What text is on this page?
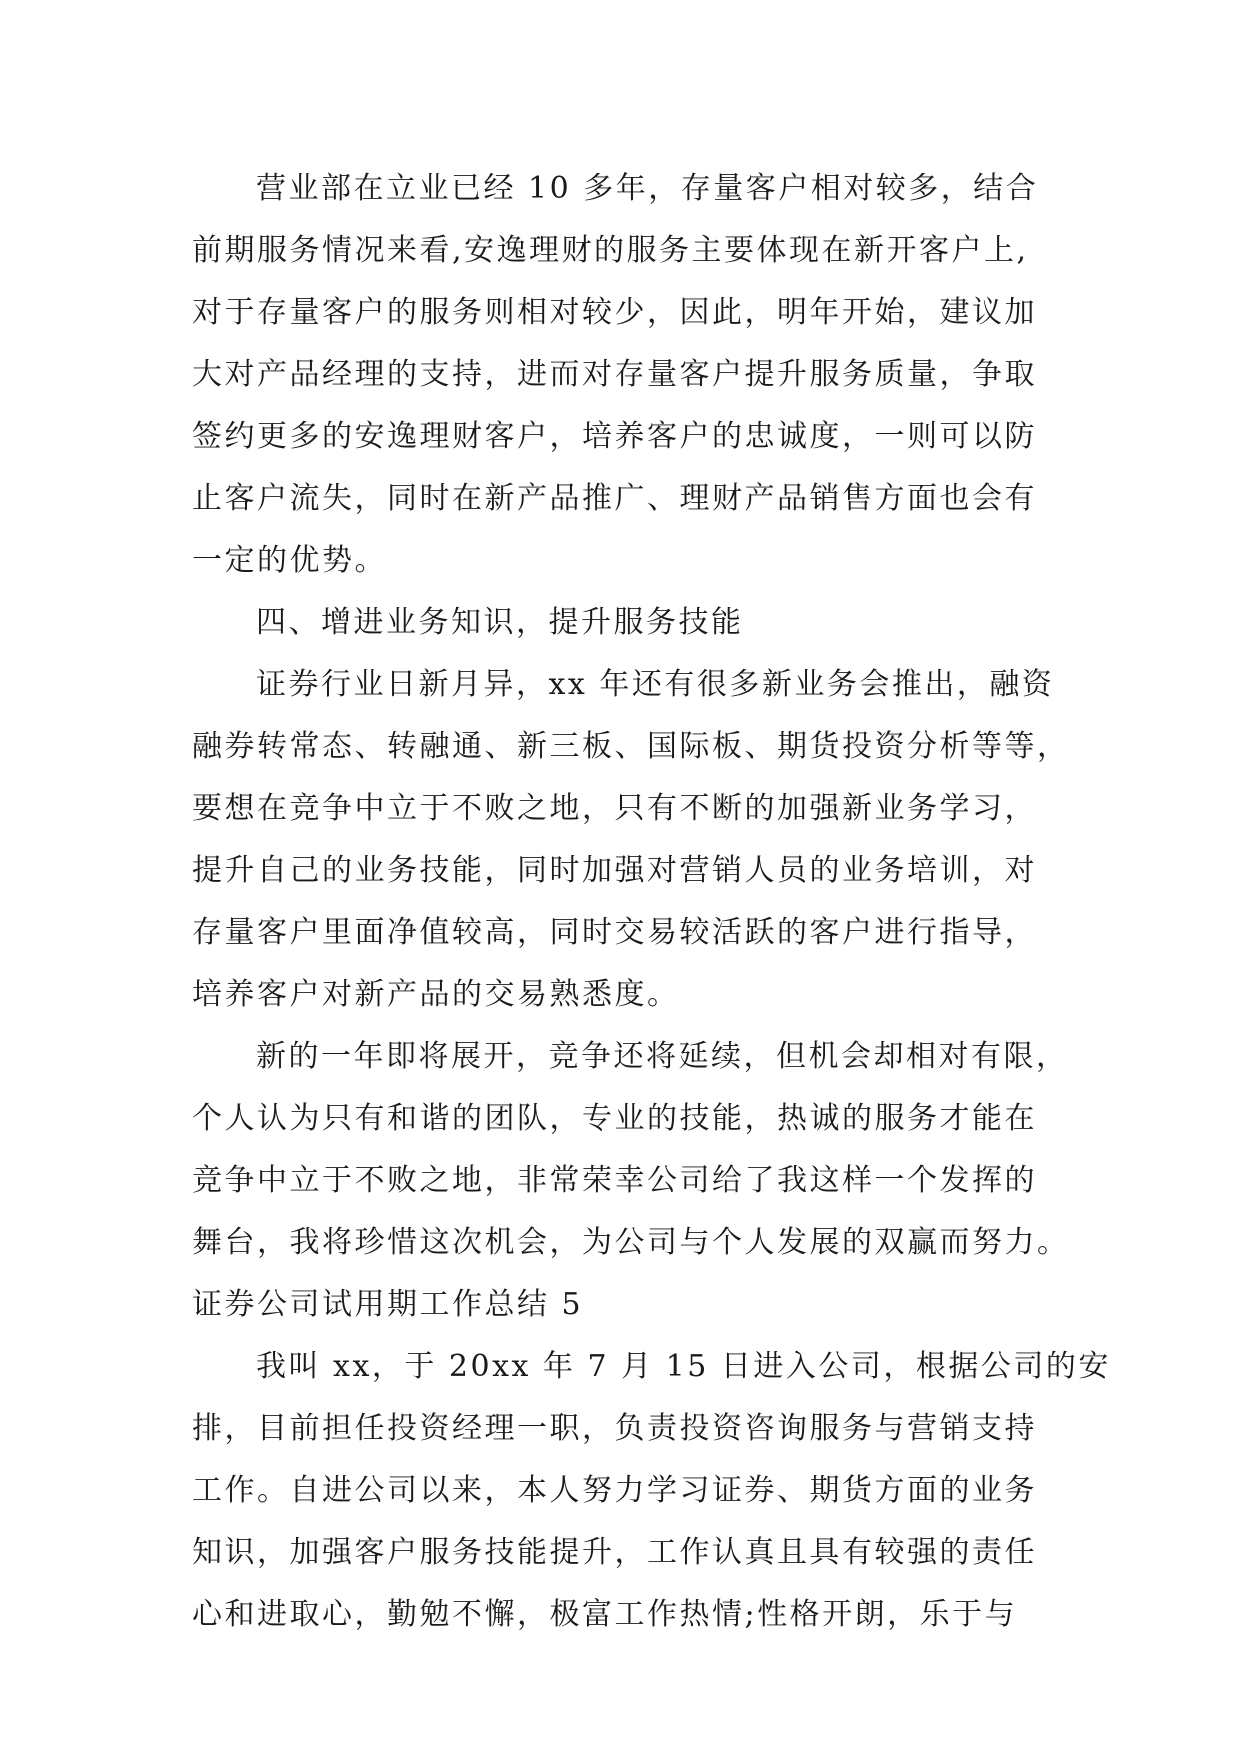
营业部在立业已经 10 多年，存量客户相对较多，结合
前期服务情况来看,安逸理财的服务主要体现在新开客户上,
对于存量客户的服务则相对较少，因此，明年开始，建议加
大对产品经理的支持，进而对存量客户提升服务质量，争取
签约更多的安逸理财客户，培养客户的忠诚度，一则可以防
止客户流失，同时在新产品推广、理财产品销售方面也会有
一定的优势。
四、增进业务知识，提升服务技能
证券行业日新月异，xx 年还有很多新业务会推出，融资
融券转常态、转融通、新三板、国际板、期货投资分析等等，
要想在竞争中立于不败之地，只有不断的加强新业务学习，
提升自己的业务技能，同时加强对营销人员的业务培训，对
存量客户里面净值较高，同时交易较活跃的客户进行指导，
培养客户对新产品的交易熟悉度。
新的一年即将展开，竞争还将延续，但机会却相对有限，
个人认为只有和谐的团队，专业的技能，热诚的服务才能在
竞争中立于不败之地，非常荣幸公司给了我这样一个发挥的
舞台，我将珍惜这次机会，为公司与个人发展的双赢而努力。
证券公司试用期工作总结 5
我叫 xx，于 20xx 年 7 月 15 日进入公司，根据公司的安
排，目前担任投资经理一职，负责投资咨询服务与营销支持
工作。自进公司以来，本人努力学习证券、期货方面的业务
知识，加强客户服务技能提升，工作认真且具有较强的责任
心和进取心，勤勉不懈，极富工作热情;性格开朗，乐于与
